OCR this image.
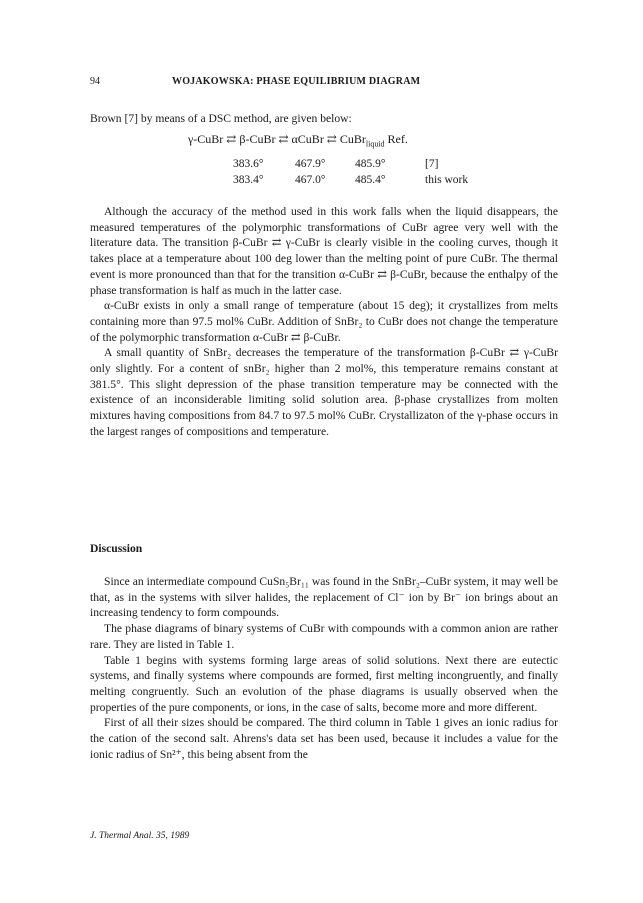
94	WOJAKOWSKA: PHASE EQUILIBRIUM DIAGRAM
Brown [7] by means of a DSC method, are given below:
γ-CuBr ⇄ β-CuBr ⇄ αCuBr ⇄ CuBr$_{liquid}$ Ref.
383.6°	467.9°	485.9°	[7]
383.4°	467.0°	485.4°	this work

Although the accuracy of the method used in this work falls when the liquid disappears, the measured temperatures of the polymorphic transformations of CuBr agree very well with the literature data. The transition β-CuBr ⇄ γ-CuBr is clearly visible in the cooling curves, though it takes place at a temperature about 100 deg lower than the melting point of pure CuBr. The thermal event is more pronounced than that for the transition α-CuBr ⇄ β-CuBr, because the enthalpy of the phase transformation is half as much in the latter case.

α-CuBr exists in only a small range of temperature (about 15 deg); it crystallizes from melts containing more than 97.5 mol% CuBr. Addition of SnBr₂ to CuBr does not change the temperature of the polymorphic transformation α-CuBr ⇄ β-CuBr.

A small quantity of SnBr₂ decreases the temperature of the transformation β-CuBr ⇄ γ-CuBr only slightly. For a content of snBr₂ higher than 2 mol%, this temperature remains constant at 381.5°. This slight depression of the phase transition temperature may be connected with the existence of an inconsiderable limiting solid solution area. β-phase crystallizes from molten mixtures having compositions from 84.7 to 97.5 mol% CuBr. Crystallizaton of the γ-phase occurs in the largest ranges of compositions and temperature.

Discussion

Since an intermediate compound CuSn₅Br₁₁ was found in the SnBr₂–CuBr system, it may well be that, as in the systems with silver halides, the replacement of Cl⁻ ion by Br⁻ ion brings about an increasing tendency to form compounds.

The phase diagrams of binary systems of CuBr with compounds with a common anion are rather rare. They are listed in Table 1.

Table 1 begins with systems forming large areas of solid solutions. Next there are eutectic systems, and finally systems where compounds are formed, first melting incongruently, and finally melting congruently. Such an evolution of the phase diagrams is usually observed when the properties of the pure components, or ions, in the case of salts, become more and more different.

First of all their sizes should be compared. The third column in Table 1 gives an ionic radius for the cation of the second salt. Ahrens's data set has been used, because it includes a value for the ionic radius of Sn²⁺, this being absent from the

J. Thermal Anal. 35, 1989
